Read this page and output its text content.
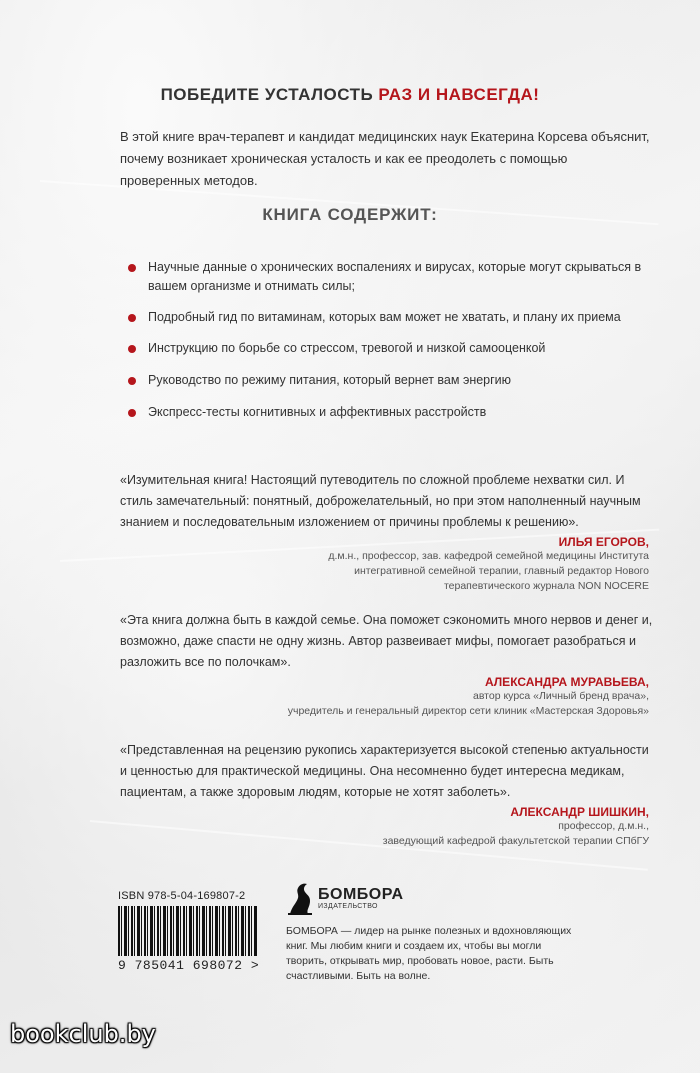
ПОБЕДИТЕ УСТАЛОСТЬ РАЗ И НАВСЕГДА!

В этой книге врач-терапевт и кандидат медицинских наук Екатерина Корсева объяснит, почему возникает хроническая усталость и как ее преодолеть с помощью проверенных методов.

КНИГА СОДЕРЖИТ:
Научные данные о хронических воспалениях и вирусах, которые могут скрываться в вашем организме и отнимать силы;
Подробный гид по витаминам, которых вам может не хватать, и плану их приема
Инструкцию по борьбе со стрессом, тревогой и низкой самооценкой
Руководство по режиму питания, который вернет вам энергию
Экспресс-тесты когнитивных и аффективных расстройств

«Изумительная книга! Настоящий путеводитель по сложной проблеме нехватки сил. И стиль замечательный: понятный, доброжелательный, но при этом наполненный научным знанием и последовательным изложением от причины проблемы к решению».

ИЛЬЯ ЕГОРОВ,
д.м.н., профессор, зав. кафедрой семейной медицины Института интегративной семейной терапии, главный редактор Нового терапевтического журнала NON NOCERE

«Эта книга должна быть в каждой семье. Она поможет сэкономить много нервов и денег и, возможно, даже спасти не одну жизнь. Автор развеивает мифы, помогает разобраться и разложить все по полочкам».

АЛЕКСАНДРА МУРАВЬЕВА,
автор курса «Личный бренд врача»,
учредитель и генеральный директор сети клиник «Мастерская Здоровья»

«Представленная на рецензию рукопись характеризуется высокой степенью актуальности и ценностью для практической медицины. Она несомненно будет интересна медикам, пациентам, а также здоровым людям, которые не хотят заболеть».

АЛЕКСАНДР ШИШКИН,
профессор, д.м.н.,
заведующий кафедрой факультетской терапии СПбГУ
ISBN 978-5-04-169807-2
9 785041 698072 >
БОМБОРА
ИЗДАТЕЛЬСТВО

БОМБОРА — лидер на рынке полезных и вдохновляющих книг. Мы любим книги и создаем их, чтобы вы могли творить, открывать мир, пробовать новое, расти. Быть счастливыми. Быть на волне.

bookclub.by
